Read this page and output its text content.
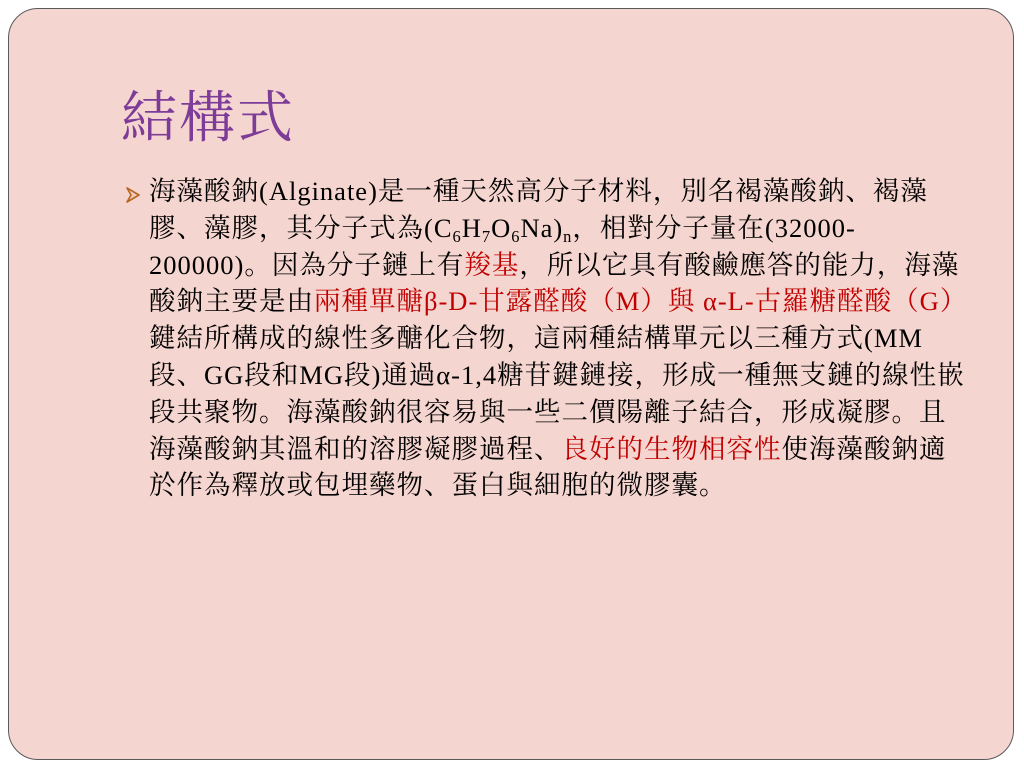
結構式

海藻酸鈉(Alginate)是一種天然高分子材料，別名褐藻酸鈉、褐藻膠、藻膠，其分子式為$(C_6H_7O_6Na)_n$，相對分子量在(32000-200000)。因為分子鏈上有羧基，所以它具有酸鹼應答的能力，海藻酸鈉主要是由兩種單醣β-D-甘露醛酸（M）與 α-L-古羅糖醛酸（G）鍵結所構成的線性多醣化合物，這兩種結構單元以三種方式(MM段、GG段和MG段)通過α-1,4糖苷鍵鏈接，形成一種無支鏈的線性嵌段共聚物。海藻酸鈉很容易與一些二價陽離子結合，形成凝膠。且海藻酸鈉其溫和的溶膠凝膠過程、良好的生物相容性使海藻酸鈉適於作為釋放或包埋藥物、蛋白與細胞的微膠囊。
